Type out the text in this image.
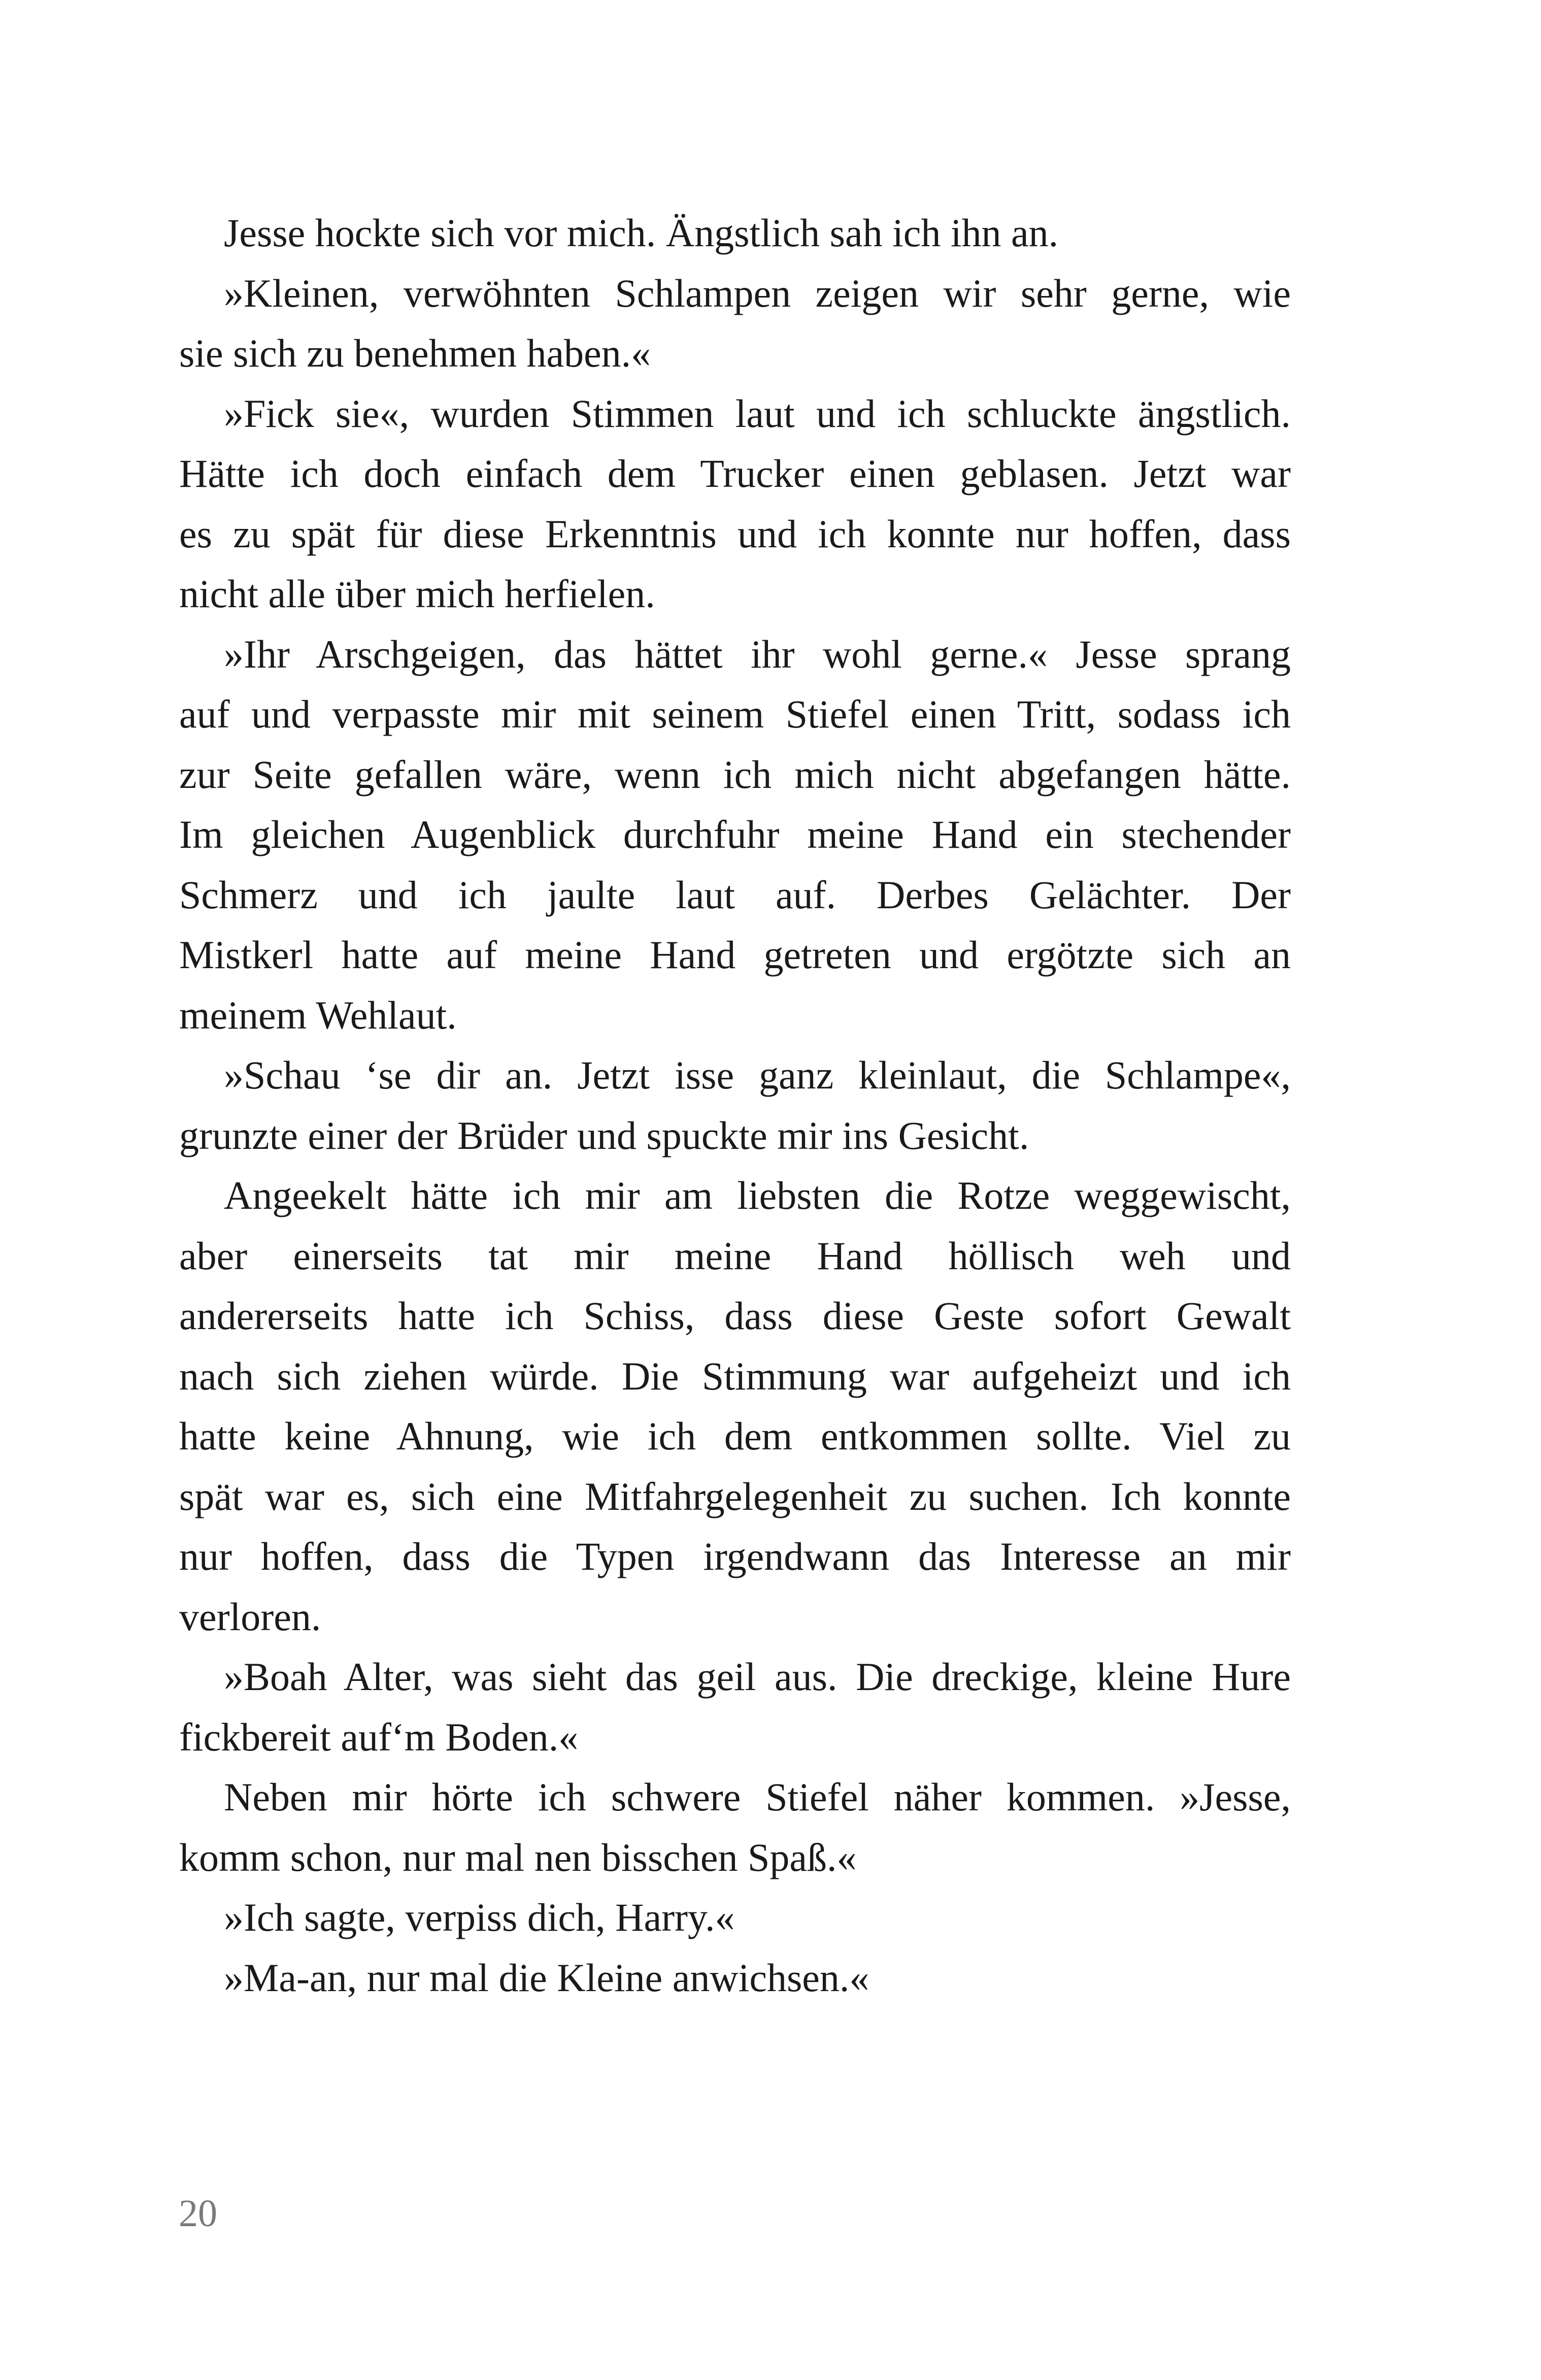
Jesse hockte sich vor mich. Ängstlich sah ich ihn an.

»Kleinen, verwöhnten Schlampen zeigen wir sehr gerne, wie
sie sich zu benehmen haben.«

»Fick sie«, wurden Stimmen laut und ich schluckte ängstlich.
Hätte ich doch einfach dem Trucker einen geblasen. Jetzt war
es zu spät für diese Erkenntnis und ich konnte nur hoffen, dass
nicht alle über mich herfielen.

»Ihr Arschgeigen, das hättet ihr wohl gerne.« Jesse sprang
auf und verpasste mir mit seinem Stiefel einen Tritt, sodass ich
zur Seite gefallen wäre, wenn ich mich nicht abgefangen hätte.
Im gleichen Augenblick durchfuhr meine Hand ein stechender
Schmerz und ich jaulte laut auf. Derbes Gelächter. Der
Mistkerl hatte auf meine Hand getreten und ergötzte sich an
meinem Wehlaut.

»Schau ‘se dir an. Jetzt isse ganz kleinlaut, die Schlampe«,
grunzte einer der Brüder und spuckte mir ins Gesicht.

Angeekelt hätte ich mir am liebsten die Rotze weggewischt,
aber einerseits tat mir meine Hand höllisch weh und
andererseits hatte ich Schiss, dass diese Geste sofort Gewalt
nach sich ziehen würde. Die Stimmung war aufgeheizt und ich
hatte keine Ahnung, wie ich dem entkommen sollte. Viel zu
spät war es, sich eine Mitfahrgelegenheit zu suchen. Ich konnte
nur hoffen, dass die Typen irgendwann das Interesse an mir
verloren.

»Boah Alter, was sieht das geil aus. Die dreckige, kleine Hure
fickbereit auf‘m Boden.«

Neben mir hörte ich schwere Stiefel näher kommen. »Jesse,
komm schon, nur mal nen bisschen Spaß.«

»Ich sagte, verpiss dich, Harry.«

»Ma-an, nur mal die Kleine anwichsen.«

20
